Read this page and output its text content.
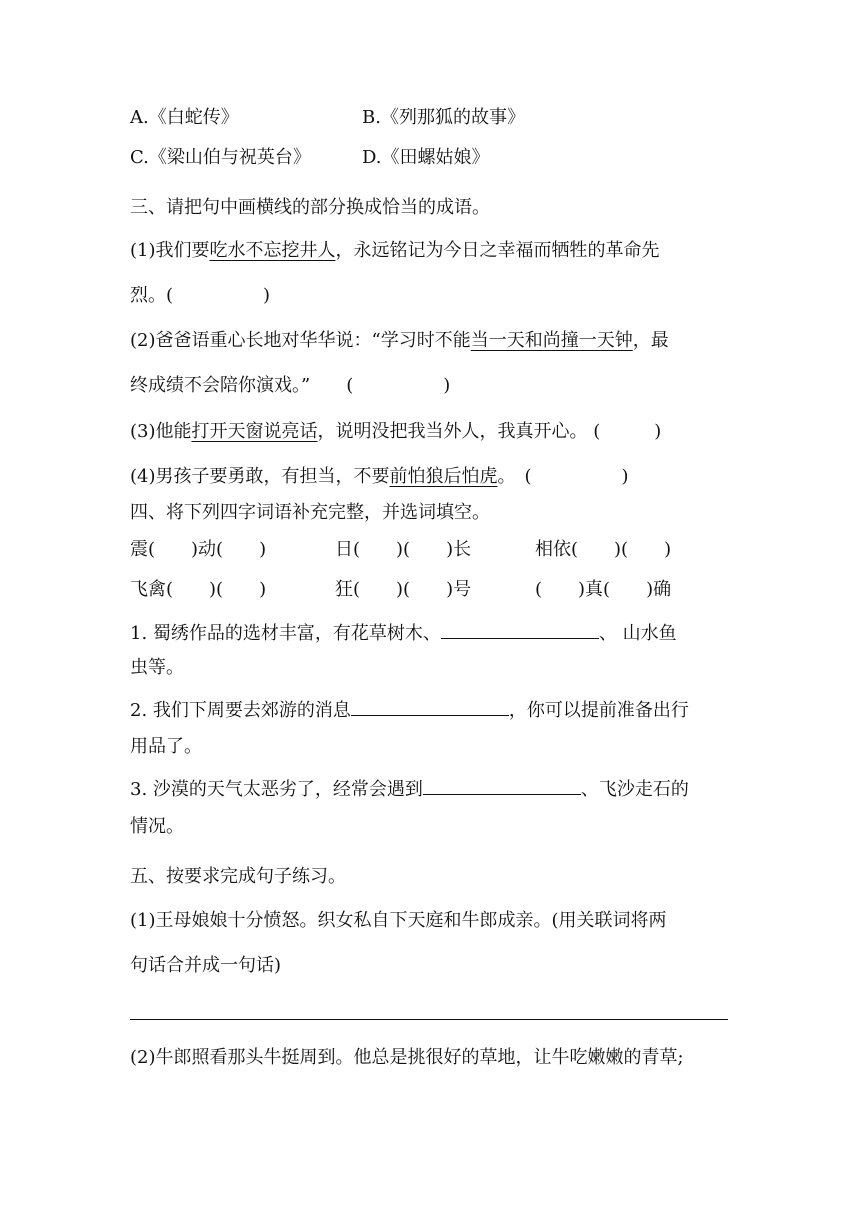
A.《白蛇传》	B.《列那狐的故事》
C.《梁山伯与祝英台》	D.《田螺姑娘》
三、请把句中画横线的部分换成恰当的成语。
(1)我们要吃水不忘挖井人，永远铭记为今日之幸福而牺牲的革命先
烈。(　　　　　)
(2)爸爸语重心长地对华华说：“学习时不能当一天和尚撞一天钟，最
终成绩不会陪你演戏。”　　(　　　　　)
(3)他能打开天窗说亮话，说明没把我当外人，我真开心。 (　　　)
(4)男孩子要勇敢，有担当，不要前怕狼后怕虎。　(　　　　　)
四、将下列四字词语补充完整，并选词填空。
震(　　)动(　　)	日(　　)(　　)长	相依(　　)(　　)
飞禽(　　)(　　)	狂(　　)(　　)号	(　　)真(　　)确
1. 蜀绣作品的选材丰富，有花草树木、	、 山水鱼
虫等。
2. 我们下周要去郊游的消息	，你可以提前准备出行
用品了。
3. 沙漠的天气太恶劣了，经常会遇到	、飞沙走石的
情况。
五、按要求完成句子练习。
(1)王母娘娘十分愤怒。织女私自下天庭和牛郎成亲。(用关联词将两
句话合并成一句话)
(2)牛郎照看那头牛挺周到。他总是挑很好的草地，让牛吃嫩嫩的青草;
